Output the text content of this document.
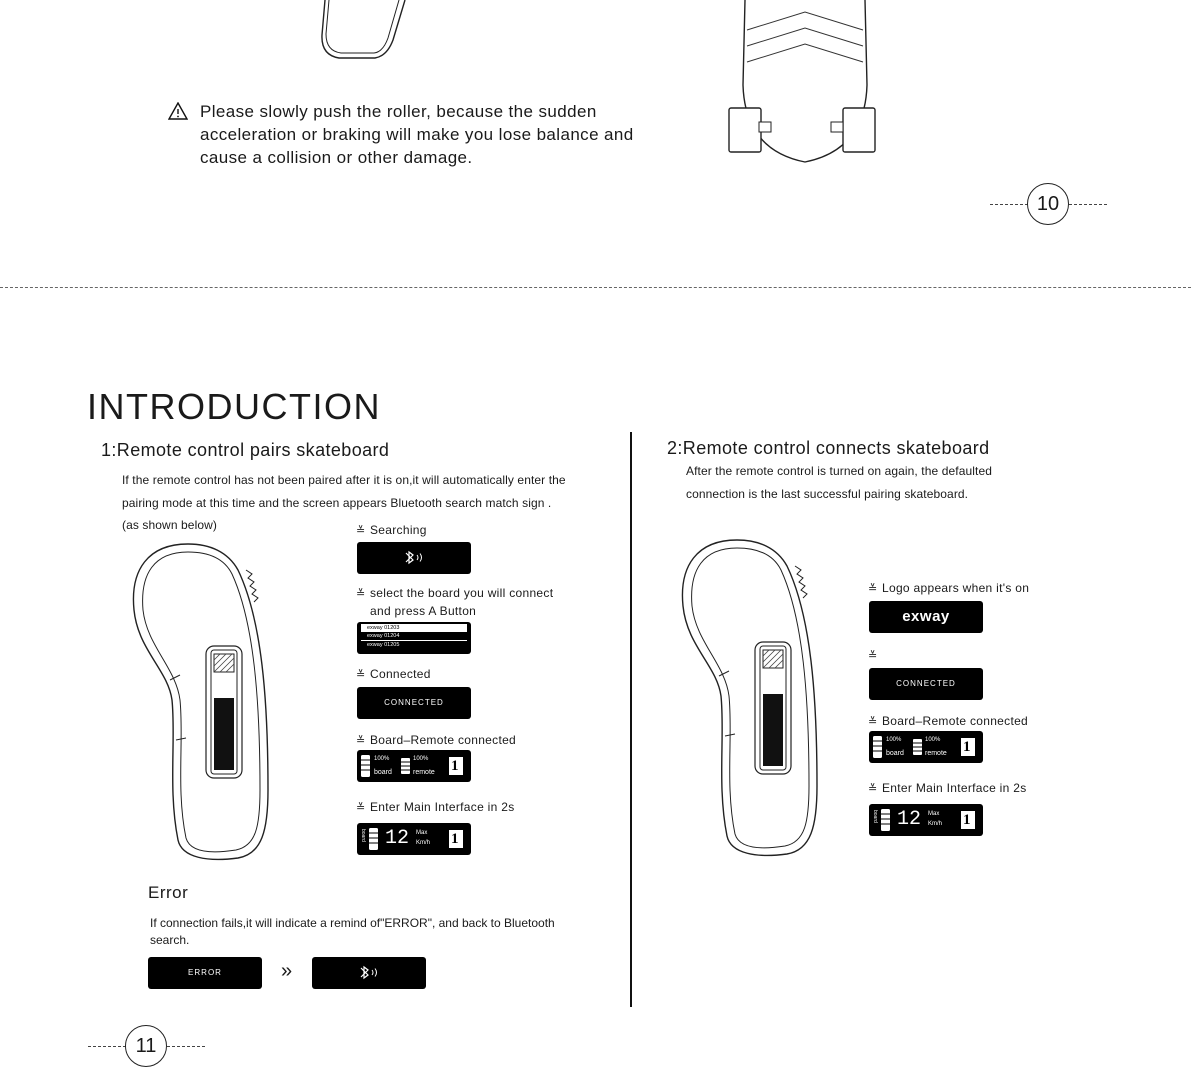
Please slowly push the roller, because the sudden
acceleration or braking will make you lose balance and
cause a collision or other damage.
10
INTRODUCTION
1:Remote control pairs skateboard
If the remote control has not been paired after it is on,it will automatically enter the
pairing mode at this time and the screen appears Bluetooth search match sign .
(as shown below)	≚ Searching
≚ select the board you will connect
and press A Button
exway 01203
exway 01204
exway 01205
≚ Connected
CONNECTED
≚ Board–Remote connected
100%
board
100%
remote 1
≚ Enter Main Interface in 2s
board 12 Max
Km/h 1
Error
If connection fails,it will indicate a remind of"ERROR", and back to Bluetooth
search.
ERROR	»
2:Remote control connects skateboard
After the remote control is turned on again, the defaulted
connection is the last successful pairing skateboard.
≚ Logo appears when it's on
exway
≚
CONNECTED
≚ Board–Remote connected
100%
board
100%
remote 1
≚ Enter Main Interface in 2s
board 12 Max
Km/h 1
11
